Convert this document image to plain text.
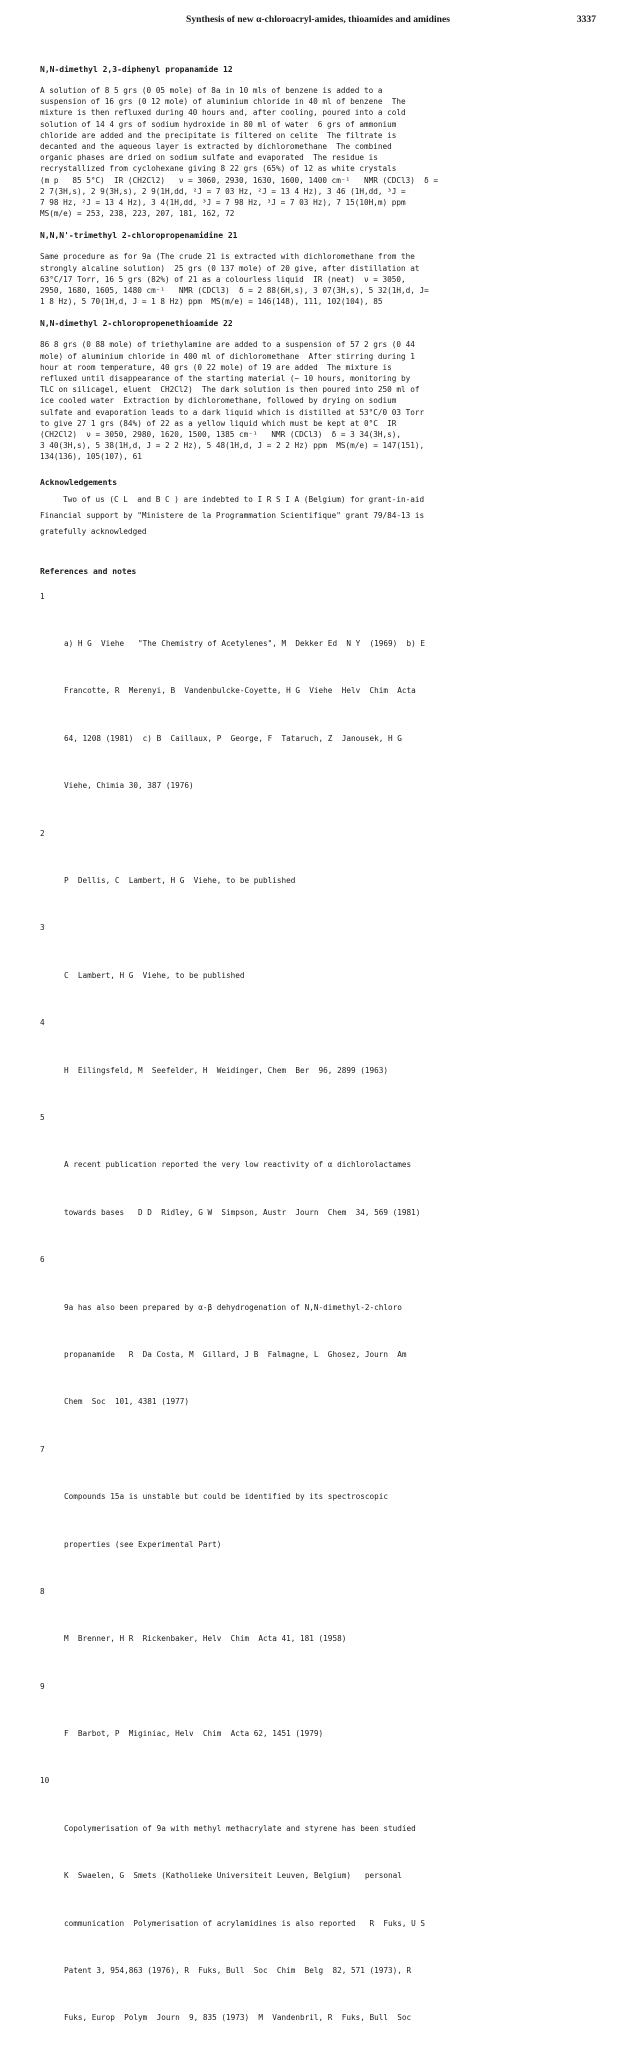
Synthesis of new α-chloroacryl-amides, thioamides and amidines	3337
N,N-dimethyl 2,3-diphenyl propanamide 12
A solution of 8 5 grs (0 05 mole) of 8a in 10 mls of benzene is added to a
suspension of 16 grs (0 12 mole) of aluminium chloride in 40 ml of benzene  The
mixture is then refluxed during 40 hours and, after cooling, poured into a cold
solution of 14 4 grs of sodium hydroxide in 80 ml of water  6 grs of ammonium
chloride are added and the precipitate is filtered on celite  The filtrate is
decanted and the aqueous layer is extracted by dichloromethane  The combined
organic phases are dried on sodium sulfate and evaporated  The residue is
recrystallized from cyclohexane giving 8 22 grs (65%) of 12 as white crystals
(m p   85 5°C)  IR (CH2Cl2)   ν = 3060, 2930, 1630, 1600, 1400 cm⁻¹   NMR (CDCl3)  δ =
2 7(3H,s), 2 9(3H,s), 2 9(1H,dd, ²J = 7 03 Hz, ²J = 13 4 Hz), 3 46 (1H,dd, ³J =
7 98 Hz, ²J = 13 4 Hz), 3 4(1H,dd, ³J = 7 98 Hz, ³J = 7 03 Hz), 7 15(10H,m) ppm
MS(m/e) = 253, 238, 223, 207, 181, 162, 72
N,N,N'-trimethyl 2-chloropropenamidine 21
Same procedure as for 9a (The crude 21 is extracted with dichloromethane from the
strongly alcaline solution)  25 grs (0 137 mole) of 20 give, after distillation at
63°C/17 Torr, 16 5 grs (82%) of 21 as a colourless liquid  IR (neat)  ν = 3050,
2950, 1680, 1605, 1480 cm⁻¹   NMR (CDCl3)  δ = 2 88(6H,s), 3 07(3H,s), 5 32(1H,d, J=
1 8 Hz), 5 70(1H,d, J = 1 8 Hz) ppm  MS(m/e) = 146(148), 111, 102(104), 85
N,N-dimethyl 2-chloropropenethioamide 22
86 8 grs (0 88 mole) of triethylamine are added to a suspension of 57 2 grs (0 44
mole) of aluminium chloride in 400 ml of dichloromethane  After stirring during 1
hour at room temperature, 40 grs (0 22 mole) of 19 are added  The mixture is
refluxed until disappearance of the starting material (~ 10 hours, monitoring by
TLC on silicagel, eluent  CH2Cl2)  The dark solution is then poured into 250 ml of
ice cooled water  Extraction by dichloromethane, followed by drying on sodium
sulfate and evaporation leads to a dark liquid which is distilled at 53°C/0 03 Torr
to give 27 1 grs (84%) of 22 as a yellow liquid which must be kept at 0°C  IR
(CH2Cl2)  ν = 3050, 2980, 1620, 1500, 1385 cm⁻¹   NMR (CDCl3)  δ = 3 34(3H,s),
3 40(3H,s), 5 38(1H,d, J = 2 2 Hz), 5 48(1H,d, J = 2 2 Hz) ppm  MS(m/e) = 147(151),
134(136), 105(107), 61
Acknowledgements
Two of us (C L  and B C ) are indebted to I R S I A (Belgium) for grant-in-aid
Financial support by "Ministere de la Programmation Scientifique" grant 79/84-13 is
gratefully acknowledged
References and notes

1

a) H G  Viehe   "The Chemistry of Acetylenes", M  Dekker Ed  N Y  (1969)  b) E

Francotte, R  Merenyi, B  Vandenbulcke-Coyette, H G  Viehe  Helv  Chim  Acta

64, 1208 (1981)  c) B  Caillaux, P  George, F  Tataruch, Z  Janousek, H G

Viehe, Chimia 30, 387 (1976)

2

P  Dellis, C  Lambert, H G  Viehe, to be published

3

C  Lambert, H G  Viehe, to be published

4

H  Eilingsfeld, M  Seefelder, H  Weidinger, Chem  Ber  96, 2899 (1963)

5

A recent publication reported the very low reactivity of α dichlorolactames

towards bases   D D  Ridley, G W  Simpson, Austr  Journ  Chem  34, 569 (1981)

6

9a has also been prepared by α-β dehydrogenation of N,N-dimethyl-2-chloro

propanamide   R  Da Costa, M  Gillard, J B  Falmagne, L  Ghosez, Journ  Am

Chem  Soc  101, 4381 (1977)

7

Compounds 15a is unstable but could be identified by its spectroscopic

properties (see Experimental Part)

8

M  Brenner, H R  Rickenbaker, Helv  Chim  Acta 41, 181 (1958)

9

F  Barbot, P  Miginiac, Helv  Chim  Acta 62, 1451 (1979)

10

Copolymerisation of 9a with methyl methacrylate and styrene has been studied

K  Swaelen, G  Smets (Katholieke Universiteit Leuven, Belgium)   personal

communication  Polymerisation of acrylamidines is also reported   R  Fuks, U S

Patent 3, 954,863 (1976), R  Fuks, Bull  Soc  Chim  Belg  82, 571 (1973), R

Fuks, Europ  Polym  Journ  9, 835 (1973)  M  Vandenbril, R  Fuks, Bull  Soc
